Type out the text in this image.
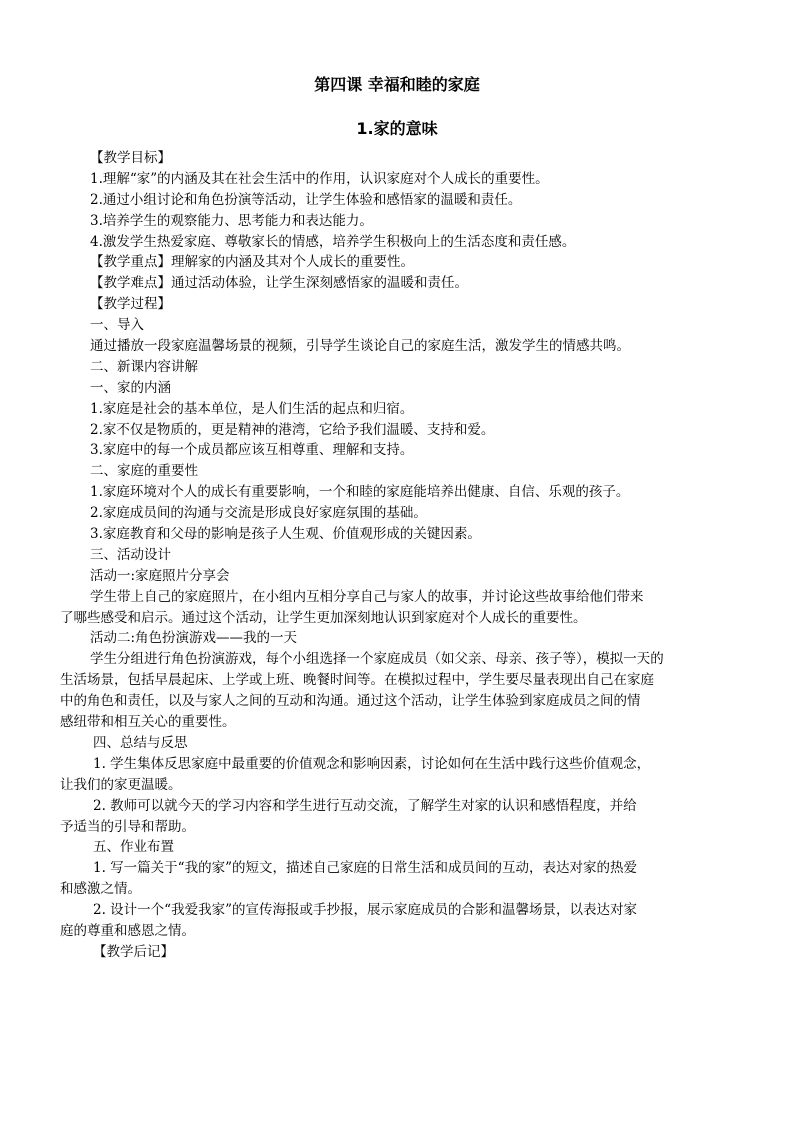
第四课 幸福和睦的家庭
1.家的意味
【教学目标】
1.理解“家”的内涵及其在社会生活中的作用，认识家庭对个人成长的重要性。
2.通过小组讨论和角色扮演等活动，让学生体验和感悟家的温暖和责任。
3.培养学生的观察能力、思考能力和表达能力。
4.激发学生热爱家庭、尊敬家长的情感，培养学生积极向上的生活态度和责任感。
【教学重点】理解家的内涵及其对个人成长的重要性。
【教学难点】通过活动体验，让学生深刻感悟家的温暖和责任。
【教学过程】
一、导入
通过播放一段家庭温馨场景的视频，引导学生谈论自己的家庭生活，激发学生的情感共鸣。
二、新课内容讲解
一、家的内涵
1.家庭是社会的基本单位，是人们生活的起点和归宿。
2.家不仅是物质的，更是精神的港湾，它给予我们温暖、支持和爱。
3.家庭中的每一个成员都应该互相尊重、理解和支持。
二、家庭的重要性
1.家庭环境对个人的成长有重要影响，一个和睦的家庭能培养出健康、自信、乐观的孩子。
2.家庭成员间的沟通与交流是形成良好家庭氛围的基础。
3.家庭教育和父母的影响是孩子人生观、价值观形成的关键因素。
三、活动设计
活动一:家庭照片分享会
学生带上自己的家庭照片，在小组内互相分享自己与家人的故事，并讨论这些故事给他们带来
了哪些感受和启示。通过这个活动，让学生更加深刻地认识到家庭对个人成长的重要性。
活动二:角色扮演游戏——我的一天
学生分组进行角色扮演游戏，每个小组选择一个家庭成员（如父亲、母亲、孩子等），模拟一天的
生活场景，包括早晨起床、上学或上班、晚餐时间等。在模拟过程中，学生要尽量表现出自己在家庭
中的角色和责任，以及与家人之间的互动和沟通。通过这个活动，让学生体验到家庭成员之间的情
感纽带和相互关心的重要性。
四、总结与反思
1. 学生集体反思家庭中最重要的价值观念和影响因素，讨论如何在生活中践行这些价值观念，
让我们的家更温暖。
2. 教师可以就今天的学习内容和学生进行互动交流，了解学生对家的认识和感悟程度，并给
予适当的引导和帮助。
五、作业布置
1. 写一篇关于“我的家”的短文，描述自己家庭的日常生活和成员间的互动，表达对家的热爱
和感激之情。
2. 设计一个“我爱我家”的宣传海报或手抄报，展示家庭成员的合影和温馨场景，以表达对家
庭的尊重和感恩之情。
【教学后记】
